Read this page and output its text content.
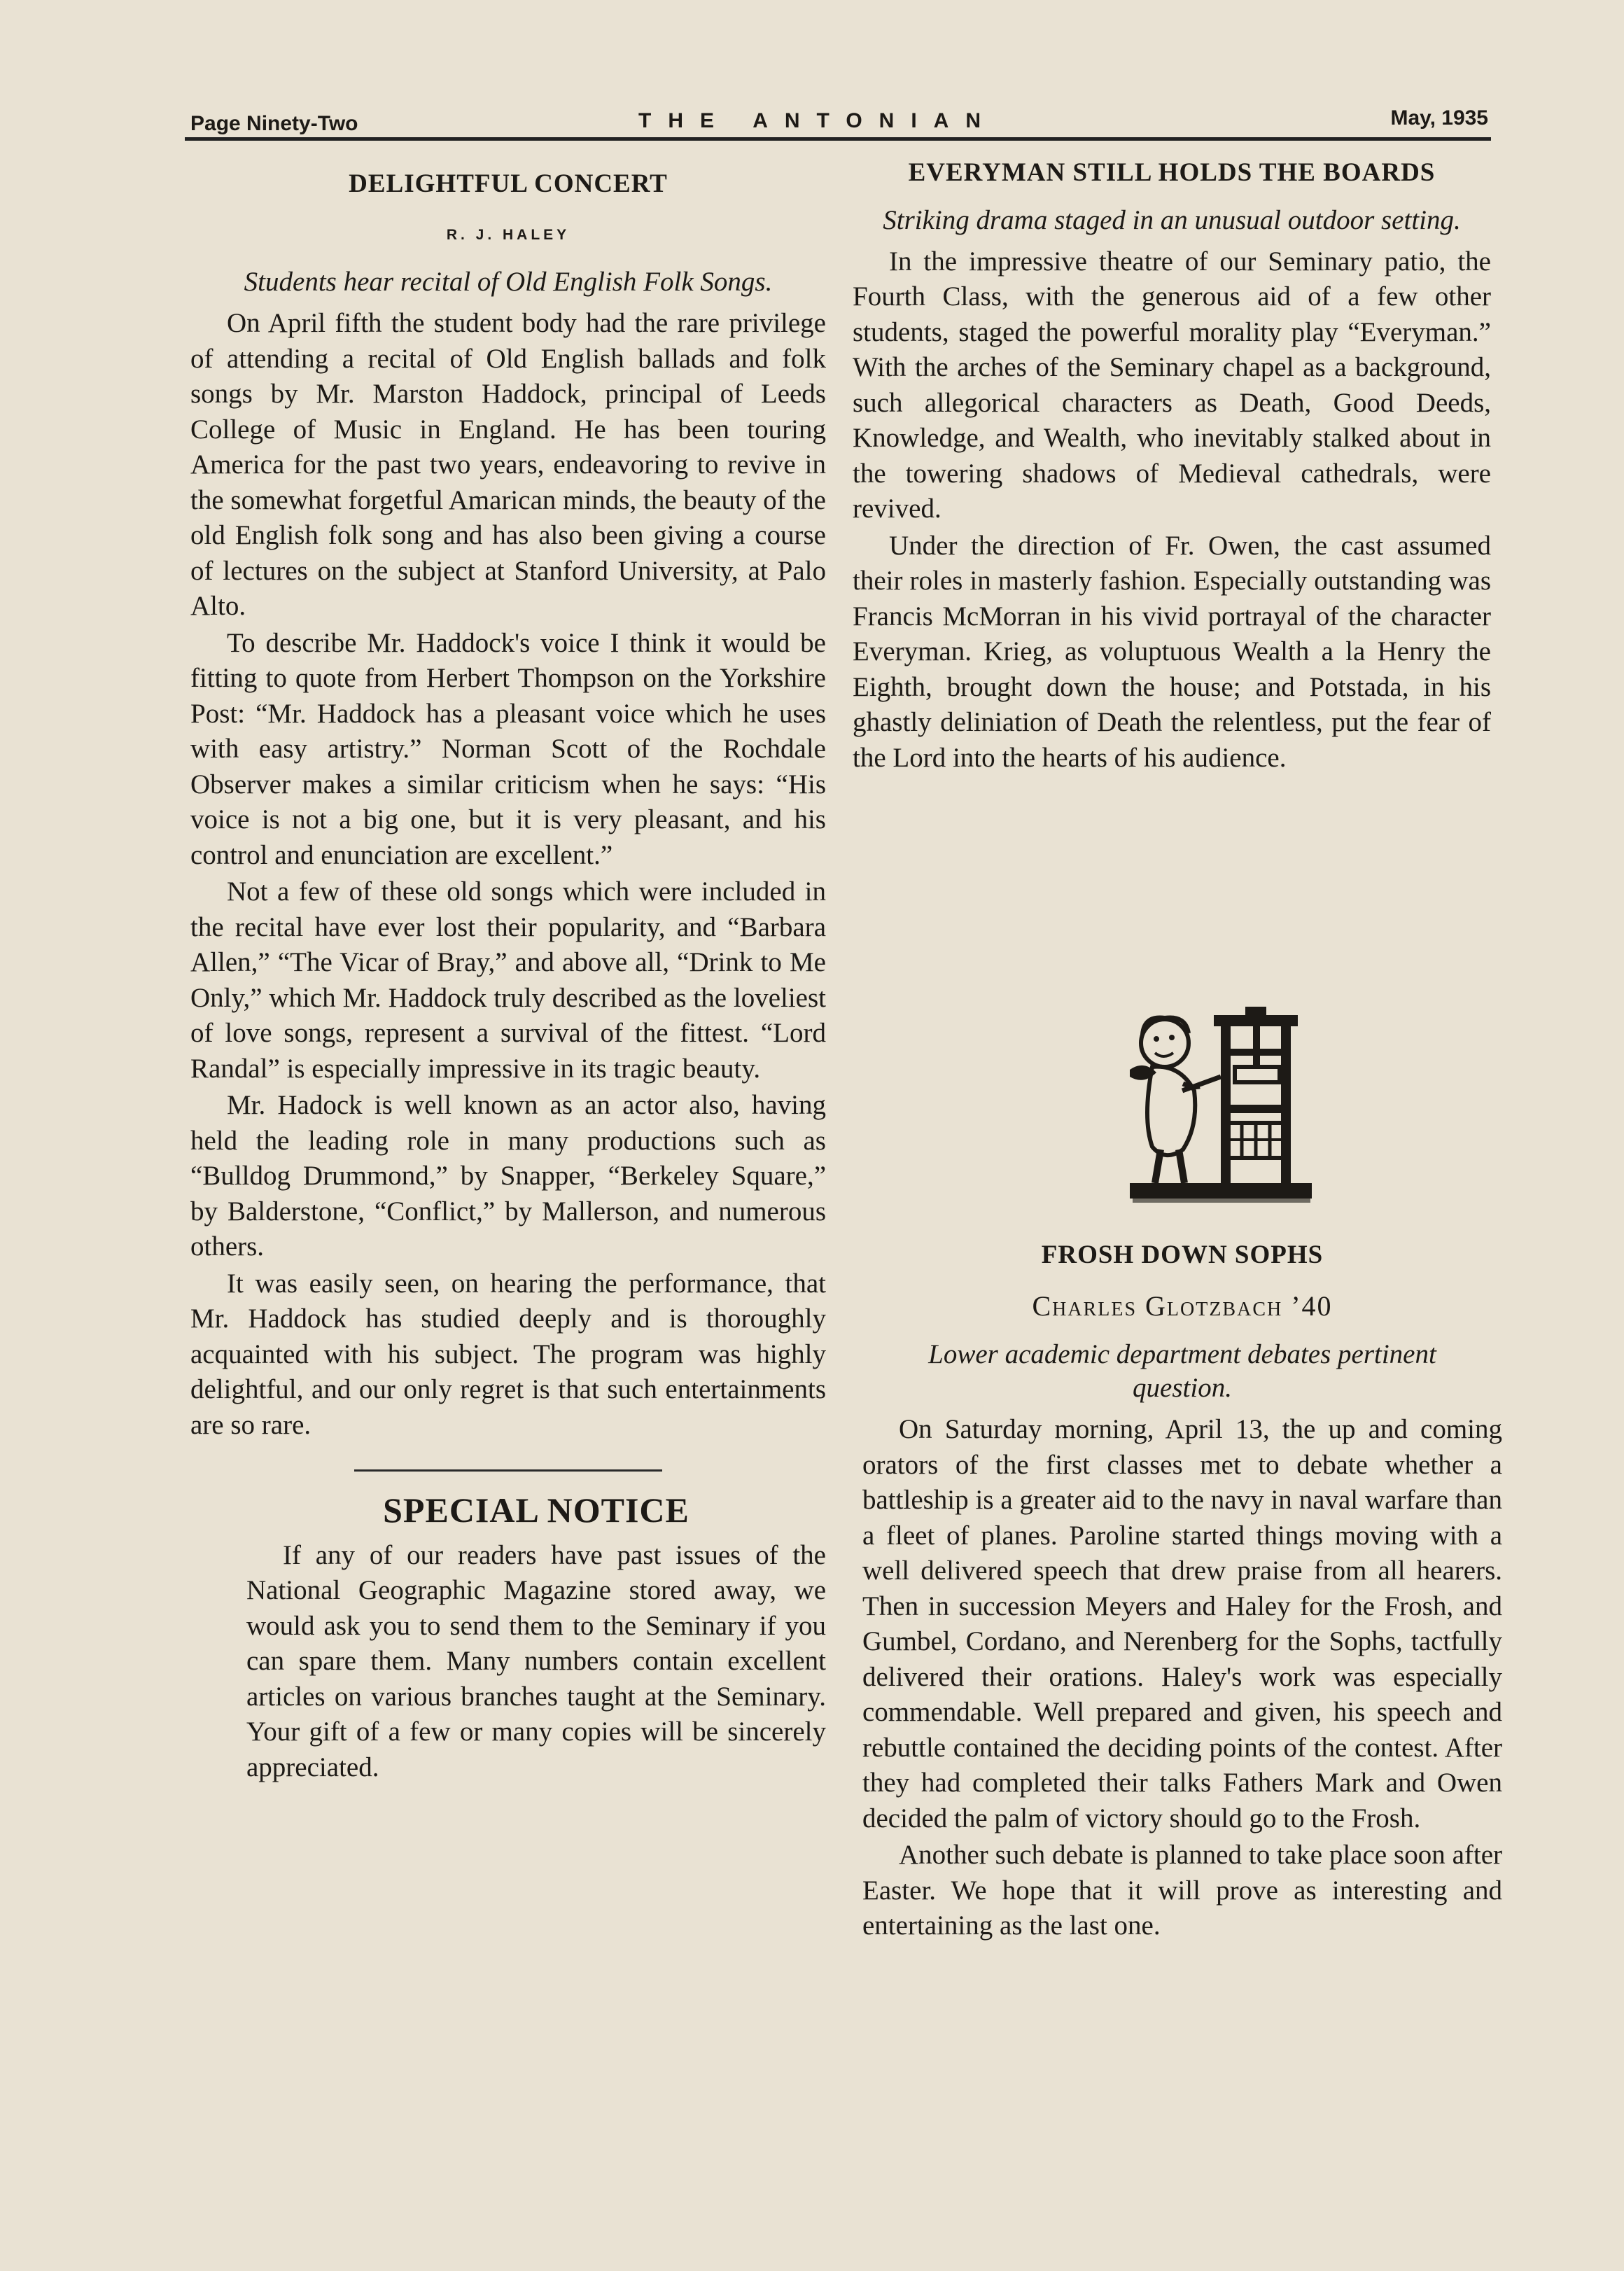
Page Ninety-Two	THE ANTONIAN	May, 1935
DELIGHTFUL CONCERT
R. J. HALEY
Students hear recital of Old English Folk Songs.

On April fifth the student body had the rare privilege of attending a recital of Old English ballads and folk songs by Mr. Marston Haddock, principal of Leeds College of Music in England. He has been touring America for the past two years, endeavoring to revive in the somewhat forgetful Amarican minds, the beauty of the old English folk song and has also been giving a course of lectures on the subject at Stanford University, at Palo Alto.

To describe Mr. Haddock's voice I think it would be fitting to quote from Herbert Thompson on the Yorkshire Post: “Mr. Haddock has a pleasant voice which he uses with easy artistry.” Norman Scott of the Rochdale Observer makes a similar criticism when he says: “His voice is not a big one, but it is very pleasant, and his control and enunciation are excellent.”

Not a few of these old songs which were included in the recital have ever lost their popularity, and “Barbara Allen,” “The Vicar of Bray,” and above all, “Drink to Me Only,” which Mr. Haddock truly described as the loveliest of love songs, represent a survival of the fittest. “Lord Randal” is especially impressive in its tragic beauty.

Mr. Hadock is well known as an actor also, having held the leading role in many productions such as “Bulldog Drummond,” by Snapper, “Berkeley Square,” by Balderstone, “Conflict,” by Mallerson, and numerous others.

It was easily seen, on hearing the performance, that Mr. Haddock has studied deeply and is thoroughly acquainted with his subject. The program was highly delightful, and our only regret is that such entertainments are so rare.

SPECIAL NOTICE

If any of our readers have past issues of the National Geographic Magazine stored away, we would ask you to send them to the Seminary if you can spare them. Many numbers contain excellent articles on various branches taught at the Seminary. Your gift of a few or many copies will be sincerely appreciated.

EVERYMAN STILL HOLDS THE BOARDS
Striking drama staged in an unusual outdoor setting.

In the impressive theatre of our Seminary patio, the Fourth Class, with the generous aid of a few other students, staged the powerful morality play “Everyman.” With the arches of the Seminary chapel as a background, such allegorical characters as Death, Good Deeds, Knowledge, and Wealth, who inevitably stalked about in the towering shadows of Medieval cathedrals, were revived.

Under the direction of Fr. Owen, the cast assumed their roles in masterly fashion. Especially outstanding was Francis McMorran in his vivid portrayal of the character Everyman. Krieg, as voluptuous Wealth a la Henry the Eighth, brought down the house; and Potstada, in his ghastly deliniation of Death the relentless, put the fear of the Lord into the hearts of his audience.

FROSH DOWN SOPHS
Charles Glotzbach ’40
Lower academic department debates pertinent question.

On Saturday morning, April 13, the up and coming orators of the first classes met to debate whether a battleship is a greater aid to the navy in naval warfare than a fleet of planes. Paroline started things moving with a well delivered speech that drew praise from all hearers. Then in succession Meyers and Haley for the Frosh, and Gumbel, Cordano, and Nerenberg for the Sophs, tactfully delivered their orations. Haley's work was especially commendable. Well prepared and given, his speech and rebuttle contained the deciding points of the contest. After they had completed their talks Fathers Mark and Owen decided the palm of victory should go to the Frosh.

Another such debate is planned to take place soon after Easter. We hope that it will prove as interesting and entertaining as the last one.
